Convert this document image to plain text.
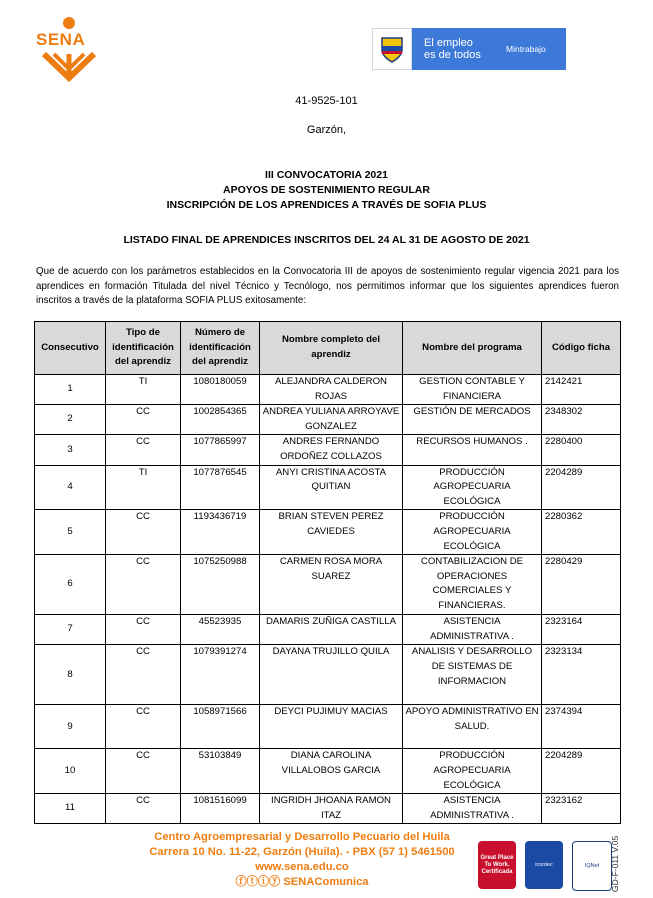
SENA	El empleo
es de todos	Mintrabajo
41-9525-101
Garzón,
III CONVOCATORIA 2021
APOYOS DE SOSTENIMIENTO REGULAR
INSCRIPCIÓN DE LOS APRENDICES A TRAVÉS DE SOFIA PLUS
LISTADO FINAL DE APRENDICES INSCRITOS DEL 24 AL 31 DE AGOSTO DE 2021
Que de acuerdo con los parámetros establecidos en la Convocatoria III de apoyos de sostenimiento regular vigencia 2021 para los aprendices en formación Titulada del nivel Técnico y Tecnólogo, nos permitimos informar que los siguientes aprendices fueron inscritos a través de la plataforma SOFIA PLUS exitosamente:
Consecutivo	Tipo de identificación del aprendiz	Número de identificación del aprendiz	Nombre completo del aprendiz	Nombre del programa	Código ficha
1	TI	1080180059	ALEJANDRA CALDERON ROJAS	GESTION CONTABLE Y FINANCIERA	2142421
2	CC	1002854365	ANDREA YULIANA ARROYAVE GONZALEZ	GESTIÓN DE MERCADOS	2348302
3	CC	1077865997	ANDRES FERNANDO ORDOÑEZ COLLAZOS	RECURSOS HUMANOS .	2280400
4	TI	1077876545	ANYI CRISTINA ACOSTA QUITIAN	PRODUCCIÓN AGROPECUARIA ECOLÓGICA	2204289
5	CC	1193436719	BRIAN STEVEN PEREZ CAVIEDES	PRODUCCIÓN AGROPECUARIA ECOLÓGICA	2280362
6	CC	1075250988	CARMEN ROSA MORA SUAREZ	CONTABILIZACION DE OPERACIONES COMERCIALES Y FINANCIERAS.	2280429
7	CC	45523935	DAMARIS ZUÑIGA CASTILLA	ASISTENCIA ADMINISTRATIVA .	2323164
8	CC	1079391274	DAYANA TRUJILLO QUILA	ANALISIS Y DESARROLLO DE SISTEMAS DE INFORMACION	2323134
9	CC	1058971566	DEYCI PUJIMUY MACIAS	APOYO ADMINISTRATIVO EN SALUD.	2374394
10	CC	53103849	DIANA CAROLINA VILLALOBOS GARCIA	PRODUCCIÓN AGROPECUARIA ECOLÓGICA	2204289
11	CC	1081516099	INGRIDH JHOANA RAMON ITAZ	ASISTENCIA ADMINISTRATIVA .	2323162
Centro Agroempresarial y Desarrollo Pecuario del Huila
Carrera 10 No. 11-22, Garzón (Huila). - PBX (57 1) 5461500
www.sena.edu.co
ⓕⓣⓘⓨ SENAComunica
Great Place To Work. Certificada
icontec	IQNet	GD-F-011 V.05
